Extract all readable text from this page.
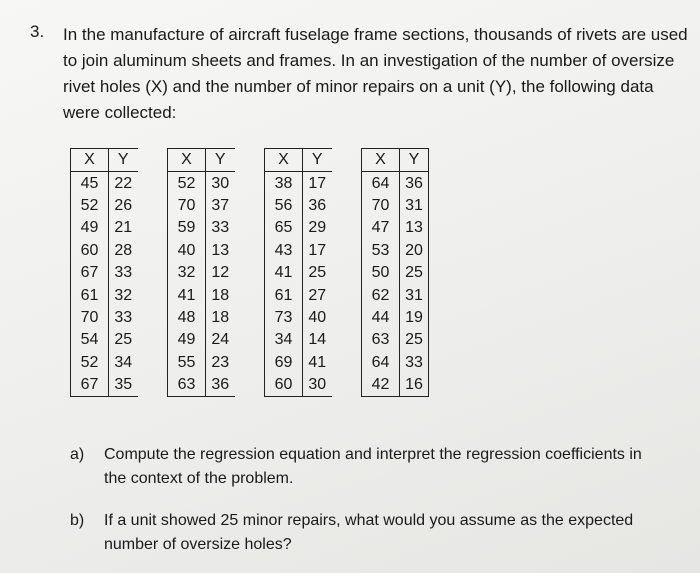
3. In the manufacture of aircraft fuselage frame sections, thousands of rivets are used
to join aluminum sheets and frames. In an investigation of the number of oversize
rivet holes (X) and the number of minor repairs on a unit (Y), the following data
were collected:
X	Y		X	Y		X	Y		X	Y
45	22		52	30		38	17		64	36
52	26		70	37		56	36		70	31
49	21		59	33		65	29		47	13
60	28		40	13		43	17		53	20
67	33		32	12		41	25		50	25
61	32		41	18		61	27		62	31
70	33		48	18		73	40		44	19
54	25		49	24		34	14		63	25
52	34		55	23		69	41		64	33
67	35		63	36		60	30		42	16
a) Compute the regression equation and interpret the regression coefficients in
the context of the problem.
b) If a unit showed 25 minor repairs, what would you assume as the expected
number of oversize holes?
